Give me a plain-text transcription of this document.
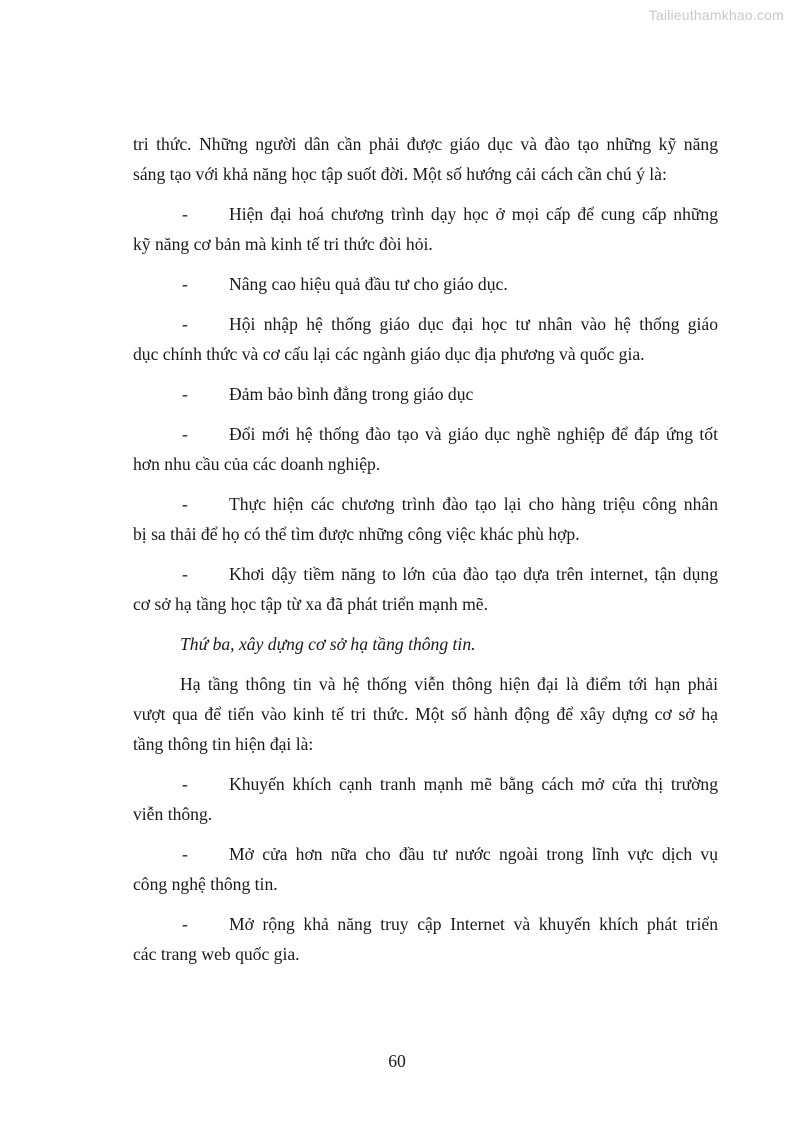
Tailieuthamkhao.com
tri thức. Những người dân cần phải được giáo dục và đào tạo những kỹ năng
sáng tạo với khả năng học tập suốt đời. Một số hướng cải cách cần chú ý là:
- Hiện đại hoá chương trình dạy học ở mọi cấp để cung cấp những
kỹ năng cơ bản mà kinh tế tri thức đòi hỏi.
- Nâng cao hiệu quả đầu tư cho giáo dục.
- Hội nhập hệ thống giáo dục đại học tư nhân vào hệ thống giáo
dục chính thức và cơ cấu lại các ngành giáo dục địa phương và quốc gia.
- Đảm bảo bình đẳng trong giáo dục
- Đổi mới hệ thống đào tạo và giáo dục nghề nghiệp để đáp ứng tốt
hơn nhu cầu của các doanh nghiệp.
- Thực hiện các chương trình đào tạo lại cho hàng triệu công nhân
bị sa thải để họ có thể tìm được những công việc khác phù hợp.
- Khơi dậy tiềm năng to lớn của đào tạo dựa trên internet, tận dụng
cơ sở hạ tầng học tập từ xa đã phát triển mạnh mẽ.
Thứ ba, xây dựng cơ sở hạ tầng thông tin.
Hạ tầng thông tin và hệ thống viễn thông hiện đại là điểm tới hạn phải
vượt qua để tiến vào kinh tế tri thức. Một số hành động để xây dựng cơ sở hạ
tầng thông tin hiện đại là:
- Khuyến khích cạnh tranh mạnh mẽ bằng cách mở cửa thị trường
viễn thông.
- Mở cửa hơn nữa cho đầu tư nước ngoài trong lĩnh vực dịch vụ
công nghệ thông tin.
- Mở rộng khả năng truy cập Internet và khuyến khích phát triển
các trang web quốc gia.
60
